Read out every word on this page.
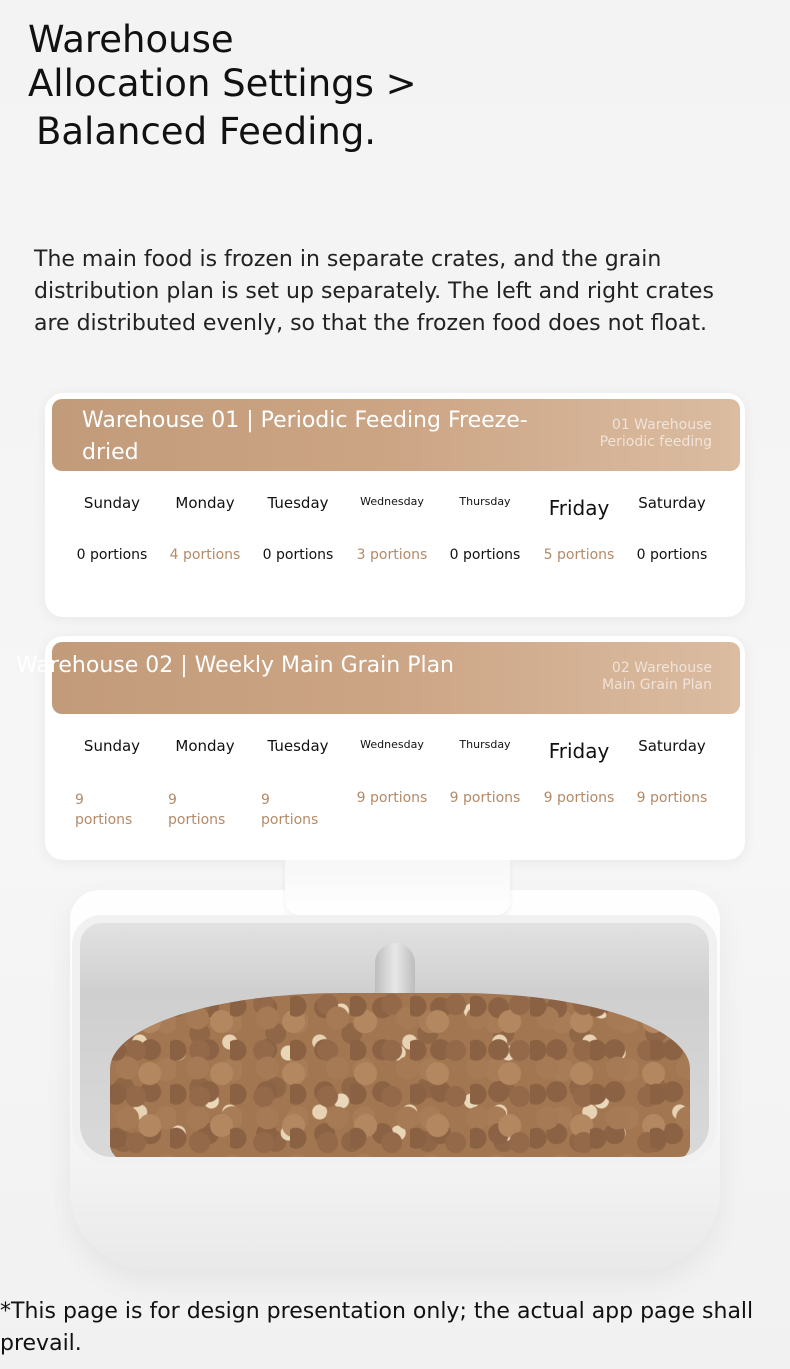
Warehouse
Allocation Settings >
Balanced Feeding.

The main food is frozen in separate crates, and the grain distribution plan is set up separately. The left and right crates are distributed evenly, so that the frozen food does not float.

Warehouse 01 | Periodic Feeding Freeze-dried
01 Warehouse
Periodic feeding
Sunday
0 portions
Monday
4 portions
Tuesday
0 portions
Wednesday
3 portions
Thursday
0 portions
Friday
5 portions
Saturday
0 portions
Warehouse 02 | Weekly Main Grain Plan	02 Warehouse
Main Grain Plan
Sunday
9 portions
Monday
9 portions
Tuesday
9 portions
Wednesday
9 portions
Thursday
9 portions
Friday
9 portions
Saturday
9 portions

*This page is for design presentation only; the actual app page shall prevail.
